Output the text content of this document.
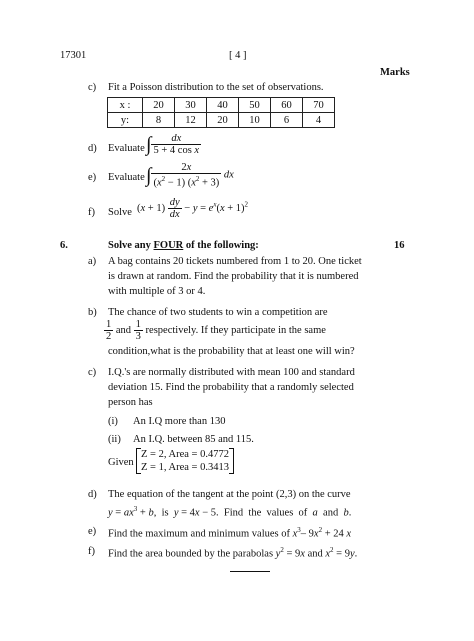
17301	[ 4 ]
Marks
c) Fit a Poisson distribution to the set of observations.
x :	20	30	40	50	60	70
y:	8	12	20	10	6	4
d) Evaluate ∫ $\frac{dx}{\text{5 + 4 cos x}}$
e) Evaluate ∫ $\frac{2x}{(x^2 - 1) (x^2 + 3)}$ dx
f) Solve $(x + 1) \frac{dy}{dx} - y = e^x(x + 1)^2$
6.	Solve any FOUR of the following:	16
a) A bag contains 20 tickets numbered from 1 to 20. One ticket
is drawn at random. Find the probability that it is numbered
with multiple of 3 or 4.
b) The chance of two students to win a competition are
$\frac{1}{2}$ and $\frac{1}{3}$ respectively. If they participate in the same
condition,what is the probability that at least one will win?
c) I.Q.'s are normally distributed with mean 100 and standard
deviation 15. Find the probability that a randomly selected
person has
(i) An I.Q more than 130
(ii) An I.Q. between 85 and 115.
Given
Z = 2, Area = 0.4772
Z = 1, Area = 0.3413
d) The equation of the tangent at the point (2,3) on the curve
$y = ax^3 + b$,  is  y = 4x − 5.  Find  the  values  of  a  and  b.
e) Find the maximum and minimum values of $x^3-$ $9x^2 + 24$ x
f) Find the area bounded by the parabolas $y^2 = 9x$ and $x^2 = 9y$.
